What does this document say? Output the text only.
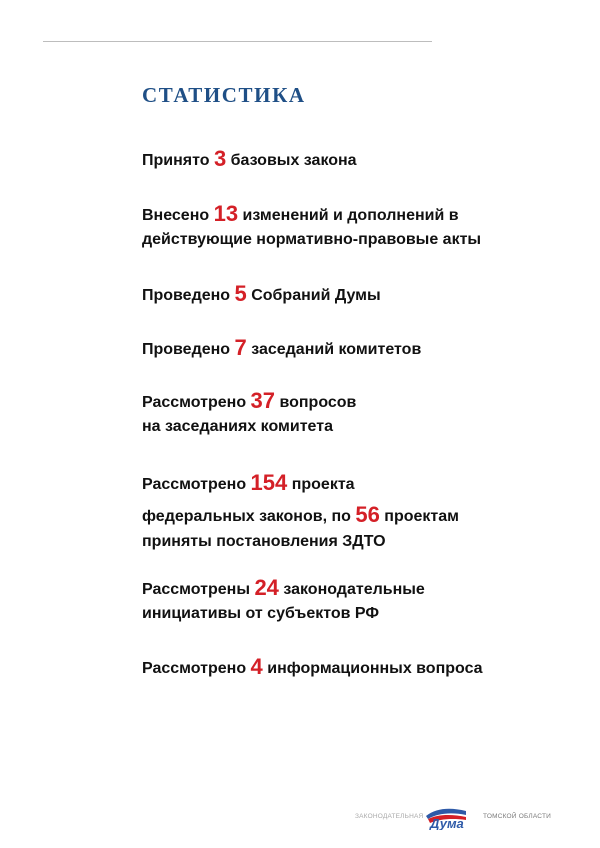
СТАТИСТИКА

Принято 3 базовых закона

Внесено 13 изменений и дополнений в
действующие нормативно-правовые акты

Проведено 5 Собраний Думы

Проведено 7 заседаний комитетов

Рассмотрено 37 вопросов
на заседаниях комитета

Рассмотрено 154 проекта
федеральных законов, по 56 проектам
приняты постановления ЗДТО

Рассмотрены 24 законодательные
инициативы от субъектов РФ

Рассмотрено 4 информационных вопроса

ЗАКОНОДАТЕЛЬНАЯ Дума	ТОМСКОЙ ОБЛАСТИ
